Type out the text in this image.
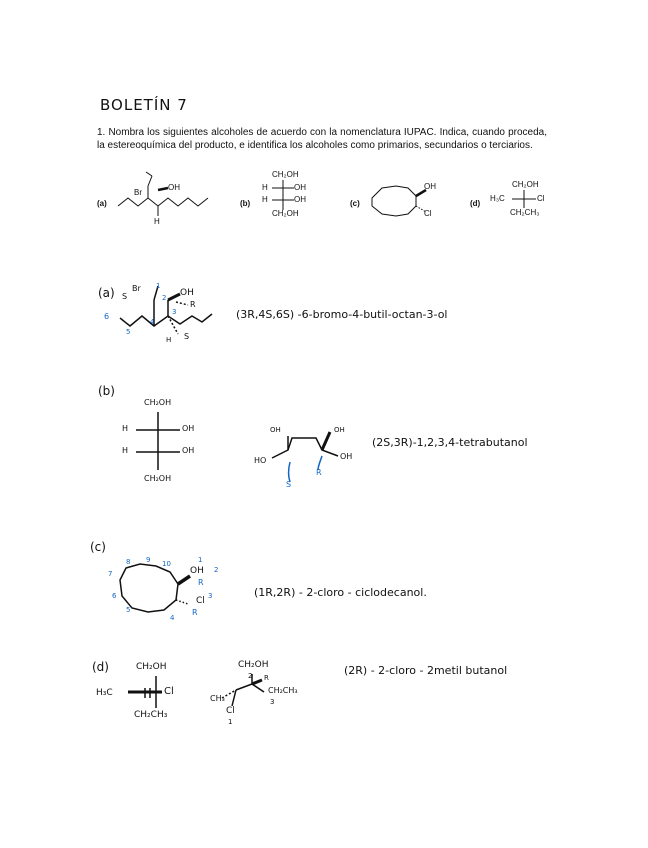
BOLETÍN 7
1. Nombra los siguientes alcoholes de acuerdo con la nomenclatura IUPAC. Indica, cuando proceda, la estereoquímica del producto, e identifica los alcoholes como primarios, secundarios o terciarios.
(a)
Br
OH
H
(b)
CH₂OH
H	OH
H	OH
CH₂OH
(c)
OH
Cl
(d)
CH₂OH
H₃C	Cl
CH₂CH₃
(a) Br	OH
S
R
S
H
6
5
4
3
2
1
(3R,4S,6S) -6-bromo-4-butil-octan-3-ol
(b)
CH₂OH
H	OH
H	OH
CH₂OH
OH	OH
HO	OH
S
R
(2S,3R)-1,2,3,4-tetrabutanol
(c)
OH
Cl
R
R
1
2
3
4
5
6
7
8 9 10
(1R,2R) - 2-cloro - ciclodecanol.
(d)	CH₂OH
H₃C	Cl
CH₂CH₃
CH₂OH
CH₃
CH₂CH₃
Cl
2
3
1
R
(2R) - 2-cloro - 2metil butanol
